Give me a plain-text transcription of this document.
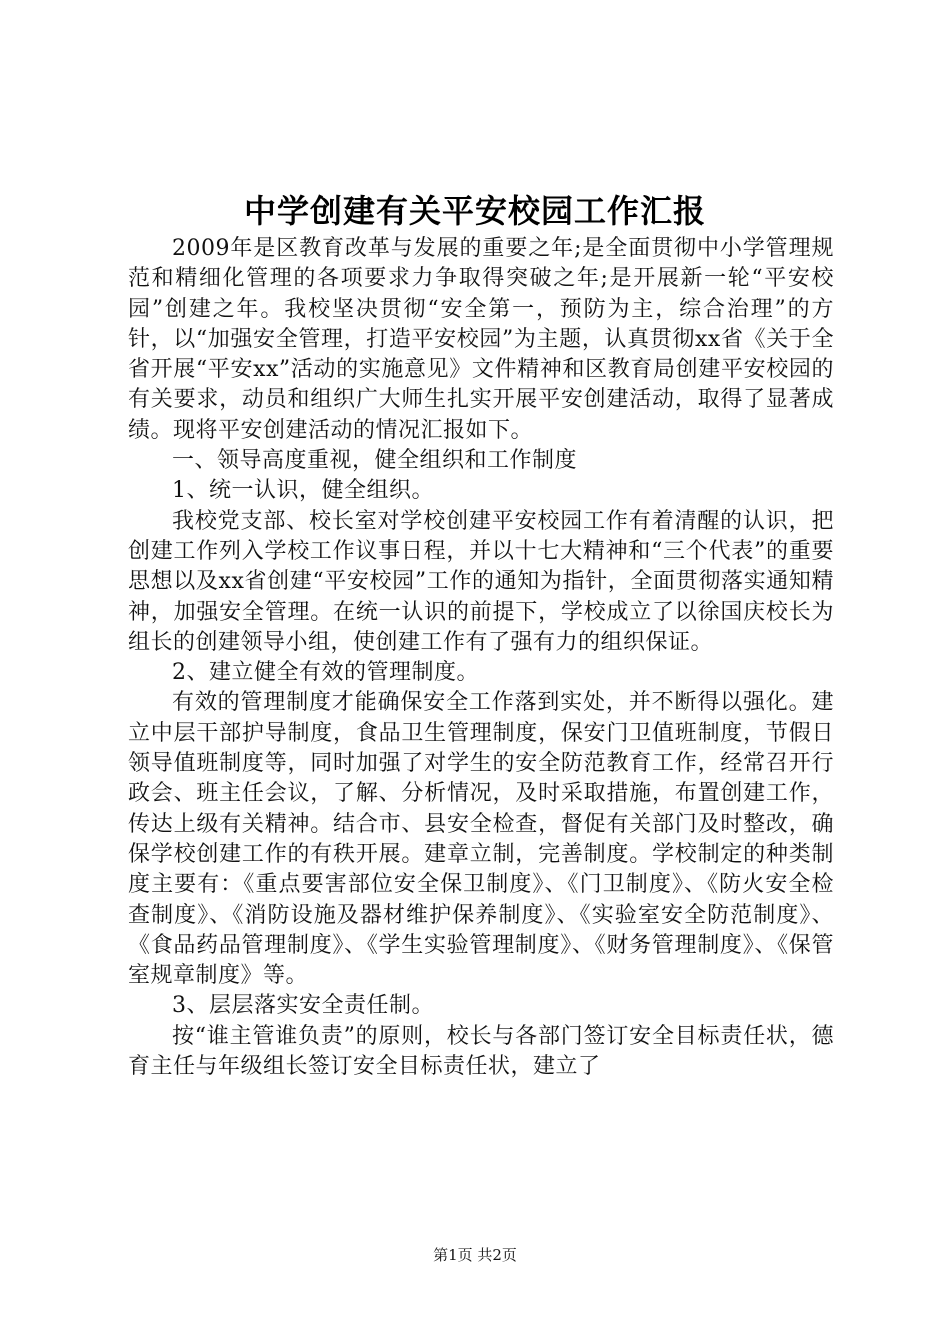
中学创建有关平安校园工作汇报

2009年是区教育改革与发展的重要之年;是全面贯彻中小学管理规范和精细化管理的各项要求力争取得突破之年;是开展新一轮“平安校园”创建之年。我校坚决贯彻“安全第一，预防为主，综合治理”的方针，以“加强安全管理，打造平安校园”为主题，认真贯彻xx省《关于全省开展“平安xx”活动的实施意见》文件精神和区教育局创建平安校园的有关要求，动员和组织广大师生扎实开展平安创建活动，取得了显著成绩。现将平安创建活动的情况汇报如下。

一、领导高度重视，健全组织和工作制度

1、统一认识，健全组织。

我校党支部、校长室对学校创建平安校园工作有着清醒的认识，把创建工作列入学校工作议事日程，并以十七大精神和“三个代表”的重要思想以及xx省创建“平安校园”工作的通知为指针，全面贯彻落实通知精神，加强安全管理。在统一认识的前提下，学校成立了以徐国庆校长为组长的创建领导小组，使创建工作有了强有力的组织保证。

2、建立健全有效的管理制度。

有效的管理制度才能确保安全工作落到实处，并不断得以强化。建立中层干部护导制度，食品卫生管理制度，保安门卫值班制度，节假日领导值班制度等，同时加强了对学生的安全防范教育工作，经常召开行政会、班主任会议，了解、分析情况，及时采取措施，布置创建工作，传达上级有关精神。结合市、县安全检查，督促有关部门及时整改，确保学校创建工作的有秩开展。建章立制，完善制度。学校制定的种类制度主要有：《重点要害部位安全保卫制度》、《门卫制度》、《防火安全检查制度》、《消防设施及器材维护保养制度》、《实验室安全防范制度》、《食品药品管理制度》、《学生实验管理制度》、《财务管理制度》、《保管室规章制度》等。

3、层层落实安全责任制。

按“谁主管谁负责”的原则，校长与各部门签订安全目标责任状，德育主任与年级组长签订安全目标责任状，建立了

第1页 共2页
